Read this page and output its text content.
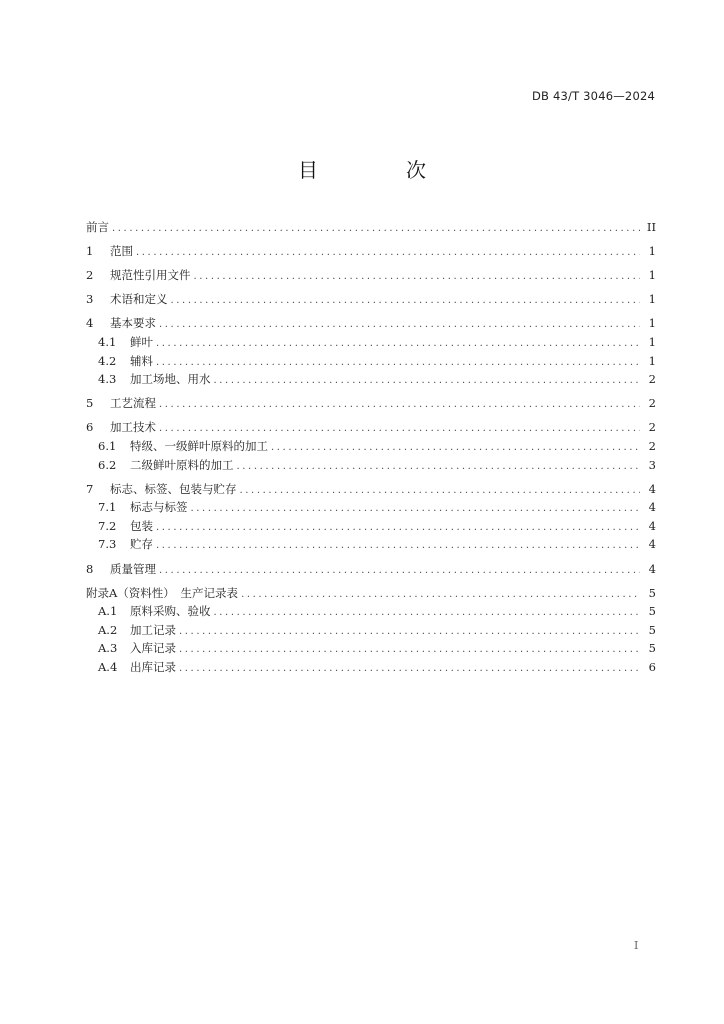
DB 43/T 3046—2024
目　次
前言 .....	II
1	范围 .....	1
2	规范性引用文件 .....	1
3	术语和定义 .....	1
4	基本要求 .....	1
4.1	鲜叶 .....	1
4.2	辅料 .....	1
4.3	加工场地、用水 .....	2
5	工艺流程 .....	2
6	加工技术 .....	2
6.1	特级、一级鲜叶原料的加工 .....	2
6.2	二级鲜叶原料的加工 .....	3
7	标志、标签、包装与贮存 .....	4
7.1	标志与标签 .....	4
7.2	包装 .....	4
7.3	贮存 .....	4
8	质量管理 .....	4
附录A（资料性）　生产记录表 .....	5
A.1	原料采购、验收 .....	5
A.2	加工记录 .....	5
A.3	入库记录 .....	5
A.4	出库记录 .....	6
I
